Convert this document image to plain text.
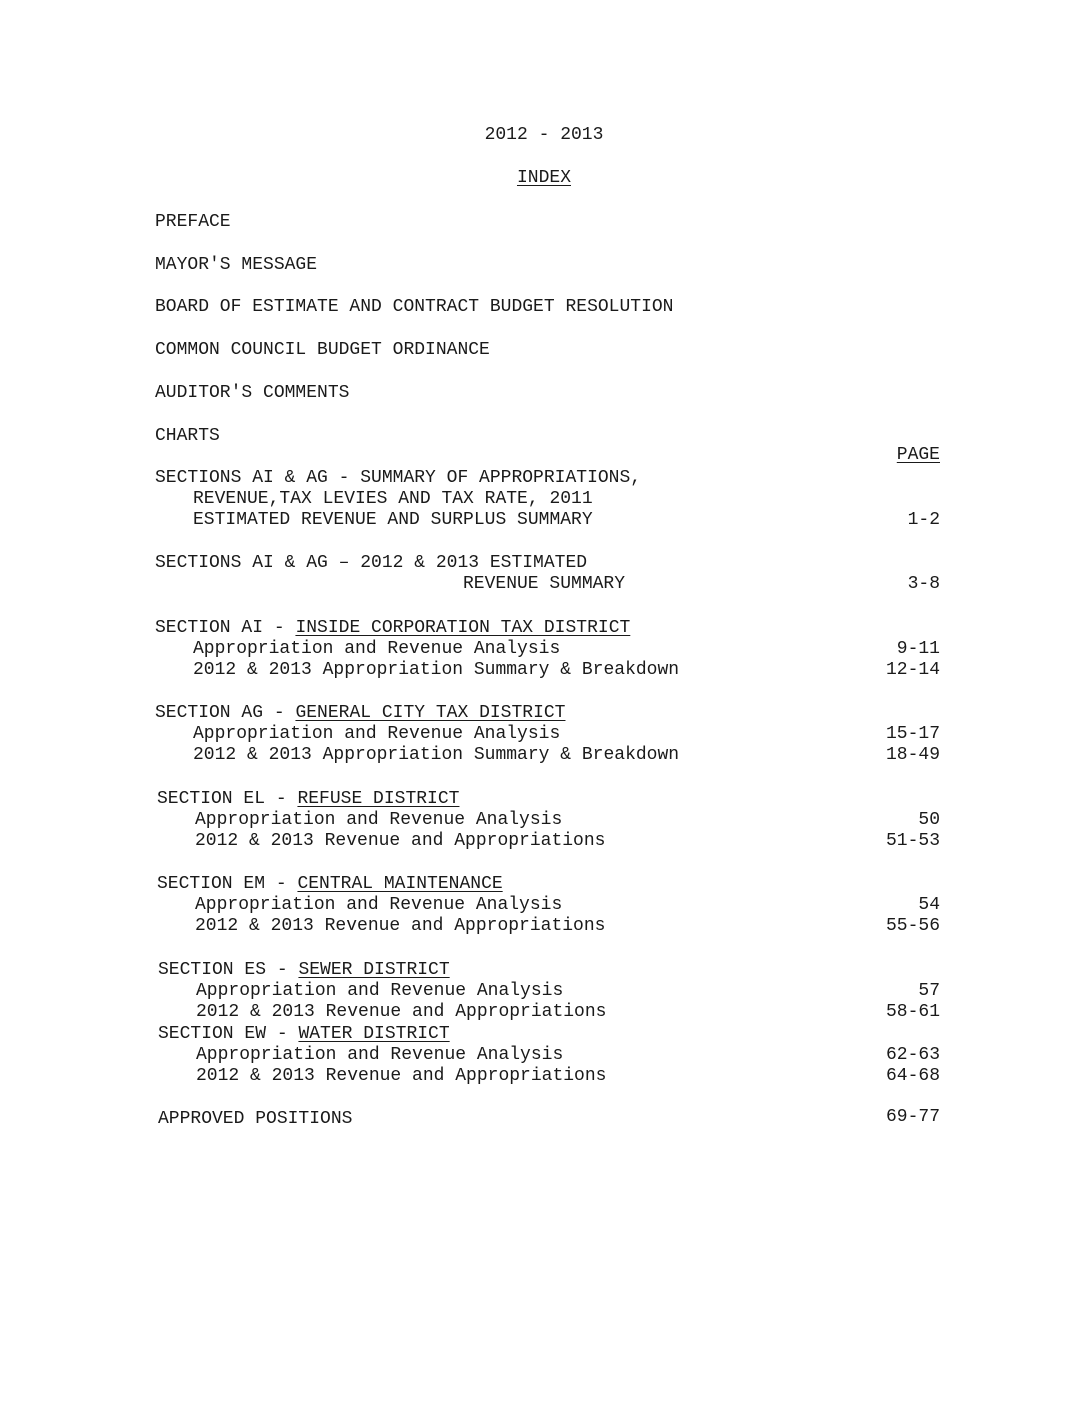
2012 - 2013
INDEX
PREFACE
MAYOR'S MESSAGE
BOARD OF ESTIMATE AND CONTRACT BUDGET RESOLUTION
COMMON COUNCIL BUDGET ORDINANCE
AUDITOR'S COMMENTS
CHARTS
PAGE
SECTIONS AI & AG - SUMMARY OF APPROPRIATIONS,
REVENUE,TAX LEVIES AND TAX RATE, 2011
ESTIMATED REVENUE AND SURPLUS SUMMARY	1-2
SECTIONS AI & AG – 2012 & 2013 ESTIMATED
REVENUE SUMMARY	3-8
SECTION AI - INSIDE CORPORATION TAX DISTRICT
Appropriation and Revenue Analysis	9-11
2012 & 2013 Appropriation Summary & Breakdown	12-14
SECTION AG - GENERAL CITY TAX DISTRICT
Appropriation and Revenue Analysis	15-17
2012 & 2013 Appropriation Summary & Breakdown	18-49
SECTION EL - REFUSE DISTRICT
Appropriation and Revenue Analysis	50
2012 & 2013 Revenue and Appropriations	51-53
SECTION EM - CENTRAL MAINTENANCE
Appropriation and Revenue Analysis	54
2012 & 2013 Revenue and Appropriations	55-56
SECTION ES - SEWER DISTRICT
Appropriation and Revenue Analysis	57
2012 & 2013 Revenue and Appropriations	58-61
SECTION EW - WATER DISTRICT
Appropriation and Revenue Analysis	62-63
2012 & 2013 Revenue and Appropriations	64-68
APPROVED POSITIONS	69-77
